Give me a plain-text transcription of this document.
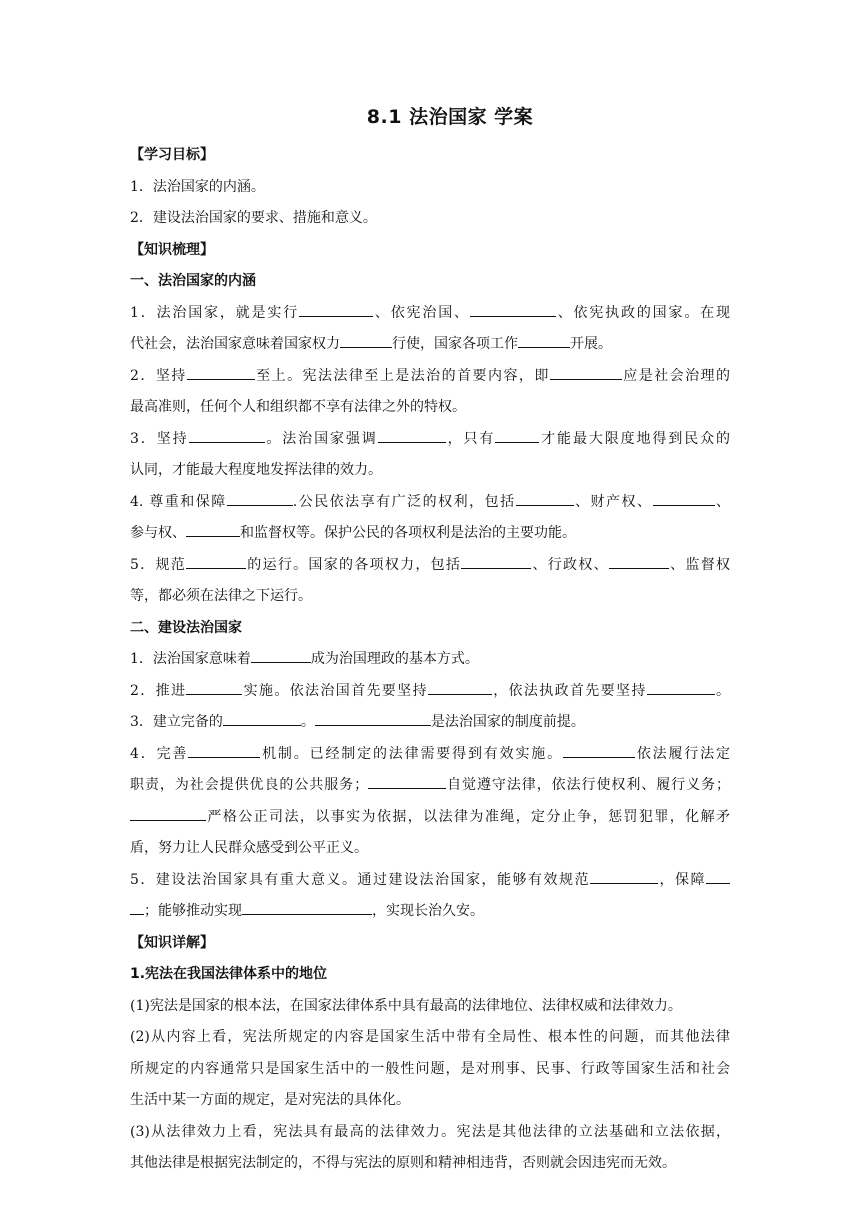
8.1 法治国家 学案
【学习目标】
1．法治国家的内涵。
2．建设法治国家的要求、措施和意义。
【知识梳理】
一、法治国家的内涵
1．法治国家，就是实行	、依宪治国、	、依宪执政的国家。在现
代社会，法治国家意味着国家权力	行使，国家各项工作	开展。
2．坚持	至上。宪法法律至上是法治的首要内容，即	应是社会治理的
最高准则，任何个人和组织都不享有法律之外的特权。
3．坚持	。法治国家强调	，只有	才能最大限度地得到民众的
认同，才能最大程度地发挥法律的效力。
4. 尊重和保障	.公民依法享有广泛的权利，包括	、财产权、	、
参与权、	和监督权等。保护公民的各项权利是法治的主要功能。
5．规范	的运行。国家的各项权力，包括	、行政权、	、监督权
等，都必须在法律之下运行。
二、建设法治国家
1．法治国家意味着	成为治国理政的基本方式。
2．推进	实施。依法治国首先要坚持	，依法执政首先要坚持	。
3．建立完备的	。	是法治国家的制度前提。
4．完善	机制。已经制定的法律需要得到有效实施。	依法履行法定
职责，为社会提供优良的公共服务；	自觉遵守法律，依法行使权利、履行义务；
严格公正司法，以事实为依据，以法律为准绳，定分止争，惩罚犯罪，化解矛
盾，努力让人民群众感受到公平正义。
5．建设法治国家具有重大意义。通过建设法治国家，能够有效规范	，保障
；能够推动实现	，实现长治久安。
【知识详解】
1.宪法在我国法律体系中的地位
(1)宪法是国家的根本法，在国家法律体系中具有最高的法律地位、法律权威和法律效力。
(2)从内容上看，宪法所规定的内容是国家生活中带有全局性、根本性的问题，而其他法律
所规定的内容通常只是国家生活中的一般性问题，是对刑事、民事、行政等国家生活和社会
生活中某一方面的规定，是对宪法的具体化。
(3)从法律效力上看，宪法具有最高的法律效力。宪法是其他法律的立法基础和立法依据，
其他法律是根据宪法制定的，不得与宪法的原则和精神相违背，否则就会因违宪而无效。
